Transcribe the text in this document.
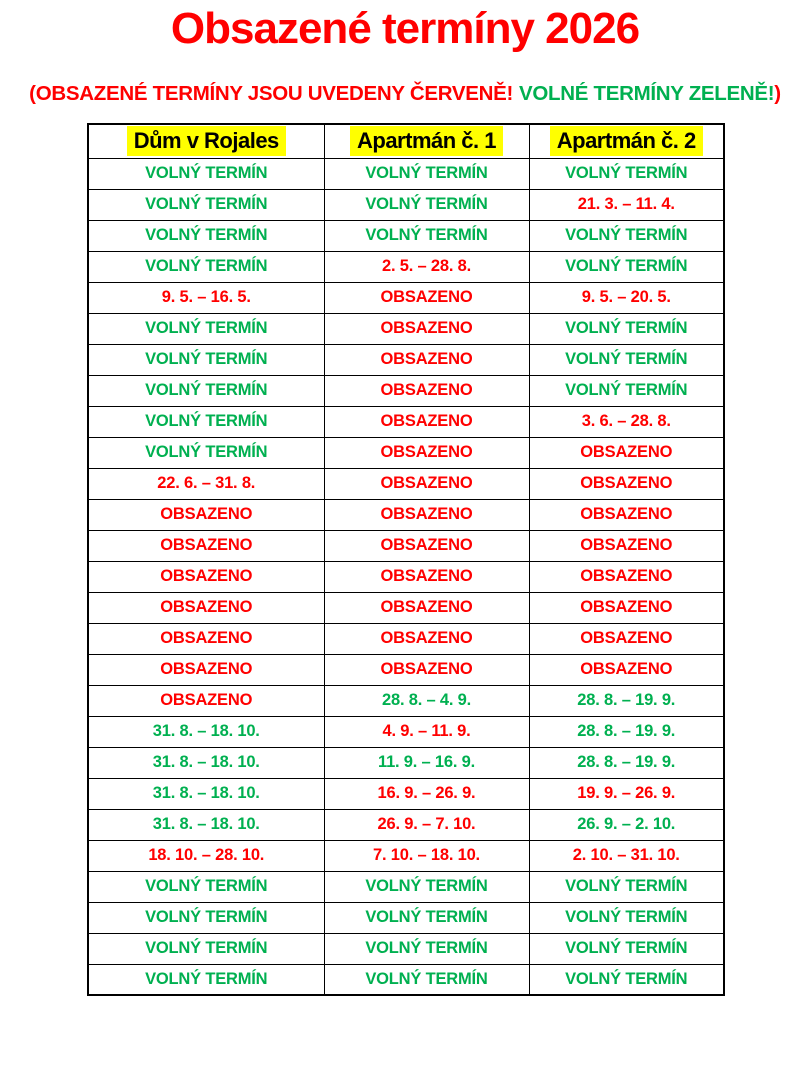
Obsazené termíny 2026
(OBSAZENÉ TERMÍNY JSOU UVEDENY ČERVENĚ! VOLNÉ TERMÍNY ZELENĚ!)
Dům v Rojales	Apartmán č. 1	Apartmán č. 2
VOLNÝ TERMÍN	VOLNÝ TERMÍN	VOLNÝ TERMÍN
VOLNÝ TERMÍN	VOLNÝ TERMÍN	21. 3. – 11. 4.
VOLNÝ TERMÍN	VOLNÝ TERMÍN	VOLNÝ TERMÍN
VOLNÝ TERMÍN	2. 5. – 28. 8.	VOLNÝ TERMÍN
9. 5. – 16. 5.	OBSAZENO	9. 5. – 20. 5.
VOLNÝ TERMÍN	OBSAZENO	VOLNÝ TERMÍN
VOLNÝ TERMÍN	OBSAZENO	VOLNÝ TERMÍN
VOLNÝ TERMÍN	OBSAZENO	VOLNÝ TERMÍN
VOLNÝ TERMÍN	OBSAZENO	3. 6. – 28. 8.
VOLNÝ TERMÍN	OBSAZENO	OBSAZENO
22. 6. – 31. 8.	OBSAZENO	OBSAZENO
OBSAZENO	OBSAZENO	OBSAZENO
OBSAZENO	OBSAZENO	OBSAZENO
OBSAZENO	OBSAZENO	OBSAZENO
OBSAZENO	OBSAZENO	OBSAZENO
OBSAZENO	OBSAZENO	OBSAZENO
OBSAZENO	OBSAZENO	OBSAZENO
OBSAZENO	28. 8. – 4. 9.	28. 8. – 19. 9.
31. 8. – 18. 10.	4. 9. – 11. 9.	28. 8. – 19. 9.
31. 8. – 18. 10.	11. 9. – 16. 9.	28. 8. – 19. 9.
31. 8. – 18. 10.	16. 9. – 26. 9.	19. 9. – 26. 9.
31. 8. – 18. 10.	26. 9. – 7. 10.	26. 9. – 2. 10.
18. 10. – 28. 10.	7. 10. – 18. 10.	2. 10. – 31. 10.
VOLNÝ TERMÍN	VOLNÝ TERMÍN	VOLNÝ TERMÍN
VOLNÝ TERMÍN	VOLNÝ TERMÍN	VOLNÝ TERMÍN
VOLNÝ TERMÍN	VOLNÝ TERMÍN	VOLNÝ TERMÍN
VOLNÝ TERMÍN	VOLNÝ TERMÍN	VOLNÝ TERMÍN
